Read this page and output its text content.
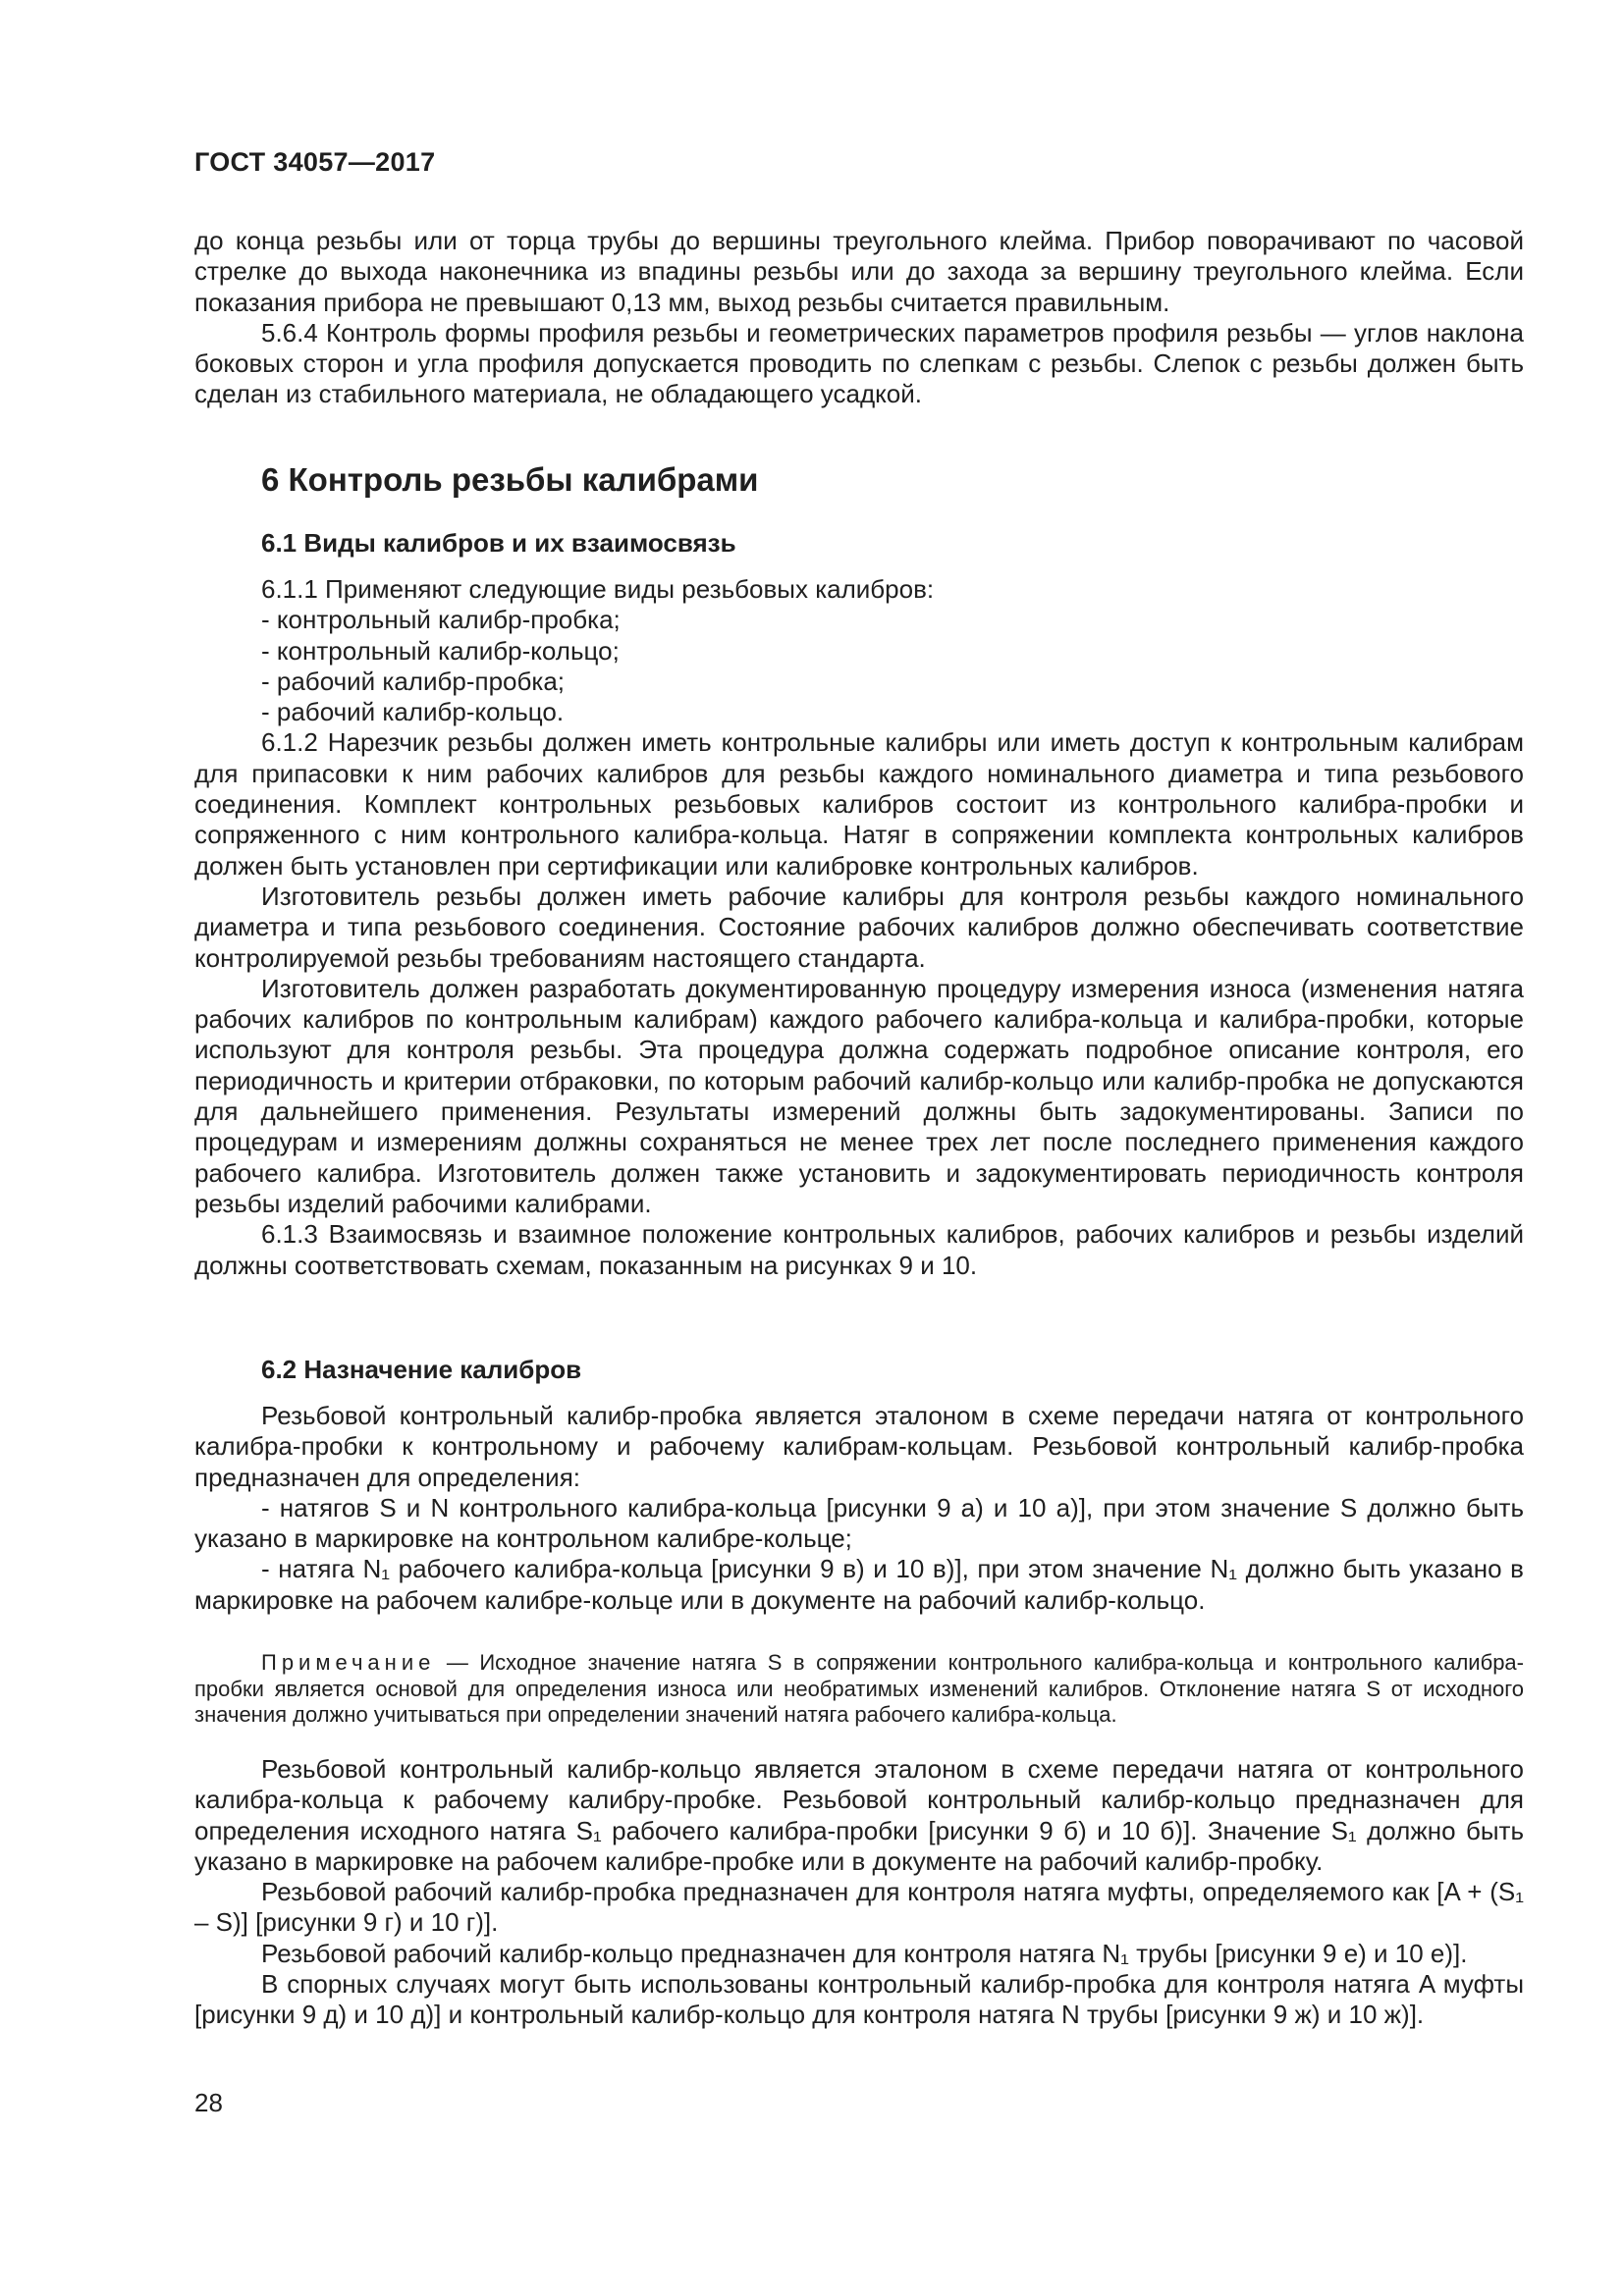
ГОСТ 34057—2017

до конца резьбы или от торца трубы до вершины треугольного клейма. Прибор поворачивают по часовой стрелке до выхода наконечника из впадины резьбы или до захода за вершину треугольного клейма. Если показания прибора не превышают 0,13 мм, выход резьбы считается правильным.

5.6.4 Контроль формы профиля резьбы и геометрических параметров профиля резьбы — углов наклона боковых сторон и угла профиля допускается проводить по слепкам с резьбы. Слепок с резьбы должен быть сделан из стабильного материала, не обладающего усадкой.

6 Контроль резьбы калибрами
6.1 Виды калибров и их взаимосвязь

6.1.1 Применяют следующие виды резьбовых калибров:

- контрольный калибр-пробка;
- контрольный калибр-кольцо;
- рабочий калибр-пробка;
- рабочий калибр-кольцо.

6.1.2 Нарезчик резьбы должен иметь контрольные калибры или иметь доступ к контрольным калибрам для припасовки к ним рабочих калибров для резьбы каждого номинального диаметра и типа резьбового соединения. Комплект контрольных резьбовых калибров состоит из контрольного калибра-пробки и сопряженного с ним контрольного калибра-кольца. Натяг в сопряжении комплекта контрольных калибров должен быть установлен при сертификации или калибровке контрольных калибров.

Изготовитель резьбы должен иметь рабочие калибры для контроля резьбы каждого номинального диаметра и типа резьбового соединения. Состояние рабочих калибров должно обеспечивать соответствие контролируемой резьбы требованиям настоящего стандарта.

Изготовитель должен разработать документированную процедуру измерения износа (изменения натяга рабочих калибров по контрольным калибрам) каждого рабочего калибра-кольца и калибра-пробки, которые используют для контроля резьбы. Эта процедура должна содержать подробное описание контроля, его периодичность и критерии отбраковки, по которым рабочий калибр-кольцо или калибр-пробка не допускаются для дальнейшего применения. Результаты измерений должны быть задокументированы. Записи по процедурам и измерениям должны сохраняться не менее трех лет после последнего применения каждого рабочего калибра. Изготовитель должен также установить и задокументировать периодичность контроля резьбы изделий рабочими калибрами.

6.1.3 Взаимосвязь и взаимное положение контрольных калибров, рабочих калибров и резьбы изделий должны соответствовать схемам, показанным на рисунках 9 и 10.

6.2 Назначение калибров

Резьбовой контрольный калибр-пробка является эталоном в схеме передачи натяга от контрольного калибра-пробки к контрольному и рабочему калибрам-кольцам. Резьбовой контрольный калибр-пробка предназначен для определения:

- натягов S и N контрольного калибра-кольца [рисунки 9 а) и 10 а)], при этом значение S должно быть указано в маркировке на контрольном калибре-кольце;

- натяга N₁ рабочего калибра-кольца [рисунки 9 в) и 10 в)], при этом значение N₁ должно быть указано в маркировке на рабочем калибре-кольце или в документе на рабочий калибр-кольцо.

Примечание — Исходное значение натяга S в сопряжении контрольного калибра-кольца и контрольного калибра-пробки является основой для определения износа или необратимых изменений калибров. Отклонение натяга S от исходного значения должно учитываться при определении значений натяга рабочего калибра-кольца.

Резьбовой контрольный калибр-кольцо является эталоном в схеме передачи натяга от контрольного калибра-кольца к рабочему калибру-пробке. Резьбовой контрольный калибр-кольцо предназначен для определения исходного натяга S₁ рабочего калибра-пробки [рисунки 9 б) и 10 б)]. Значение S₁ должно быть указано в маркировке на рабочем калибре-пробке или в документе на рабочий калибр-пробку.

Резьбовой рабочий калибр-пробка предназначен для контроля натяга муфты, определяемого как [A + (S₁ – S)] [рисунки 9 г) и 10 г)].

Резьбовой рабочий калибр-кольцо предназначен для контроля натяга N₁ трубы [рисунки 9 е) и 10 е)].

В спорных случаях могут быть использованы контрольный калибр-пробка для контроля натяга A муфты [рисунки 9 д) и 10 д)] и контрольный калибр-кольцо для контроля натяга N трубы [рисунки 9 ж) и 10 ж)].

28
